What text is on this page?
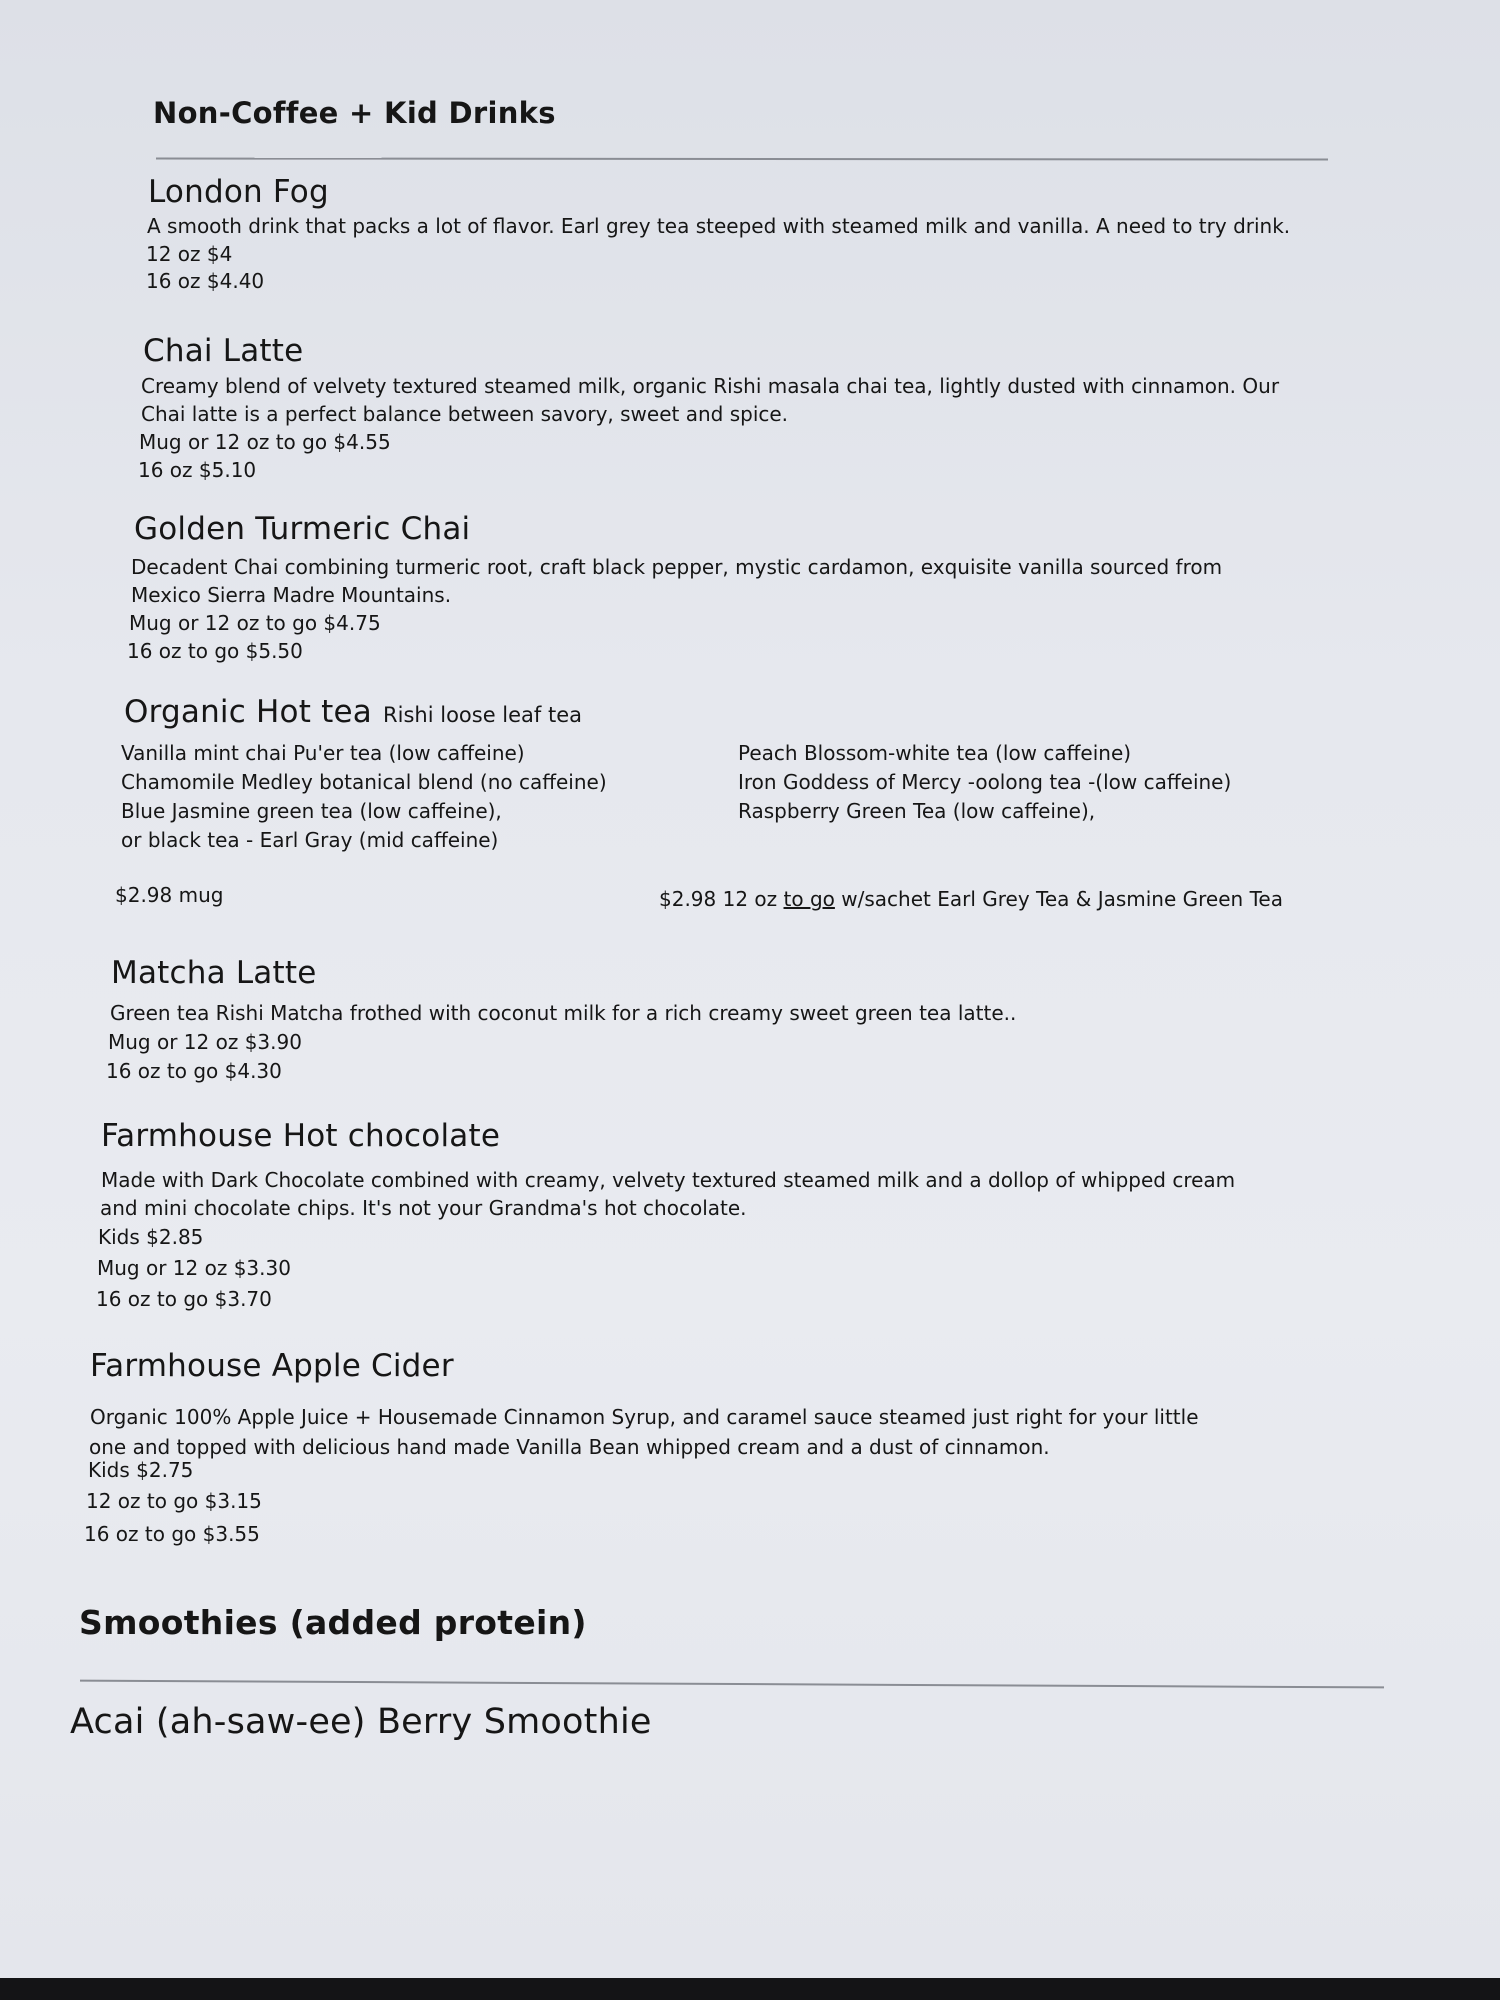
Non-Coffee + Kid Drinks
London Fog
A smooth drink that packs a lot of flavor. Earl grey tea steeped with steamed milk and vanilla. A need to try drink.
12 oz $4
16 oz $4.40
Chai Latte
Creamy blend of velvety textured steamed milk, organic Rishi masala chai tea, lightly dusted with cinnamon. Our
Chai latte is a perfect balance between savory, sweet and spice.
Mug or 12 oz to go $4.55
16 oz $5.10
Golden Turmeric Chai
Decadent Chai combining turmeric root, craft black pepper, mystic cardamon, exquisite vanilla sourced from
Mexico Sierra Madre Mountains.
Mug or 12 oz to go $4.75
16 oz to go $5.50
Organic Hot tea Rishi loose leaf tea
Vanilla mint chai Pu'er tea (low caffeine)
Chamomile Medley botanical blend (no caffeine)
Blue Jasmine green tea (low caffeine),
or black tea - Earl Gray (mid caffeine)
Peach Blossom-white tea (low caffeine)
Iron Goddess of Mercy -oolong tea -(low caffeine)
Raspberry Green Tea (low caffeine),
$2.98 mug	$2.98 12 oz to go w/sachet Earl Grey Tea & Jasmine Green Tea
Matcha Latte
Green tea Rishi Matcha frothed with coconut milk for a rich creamy sweet green tea latte..
Mug or 12 oz $3.90
16 oz to go $4.30
Farmhouse Hot chocolate
Made with Dark Chocolate combined with creamy, velvety textured steamed milk and a dollop of whipped cream
and mini chocolate chips. It's not your Grandma's hot chocolate.
Kids $2.85
Mug or 12 oz $3.30
16 oz to go $3.70
Farmhouse Apple Cider
Organic 100% Apple Juice + Housemade Cinnamon Syrup, and caramel sauce steamed just right for your little
one and topped with delicious hand made Vanilla Bean whipped cream and a dust of cinnamon.
Kids $2.75
12 oz to go $3.15
16 oz to go $3.55
Smoothies (added protein)
Acai (ah-saw-ee) Berry Smoothie
